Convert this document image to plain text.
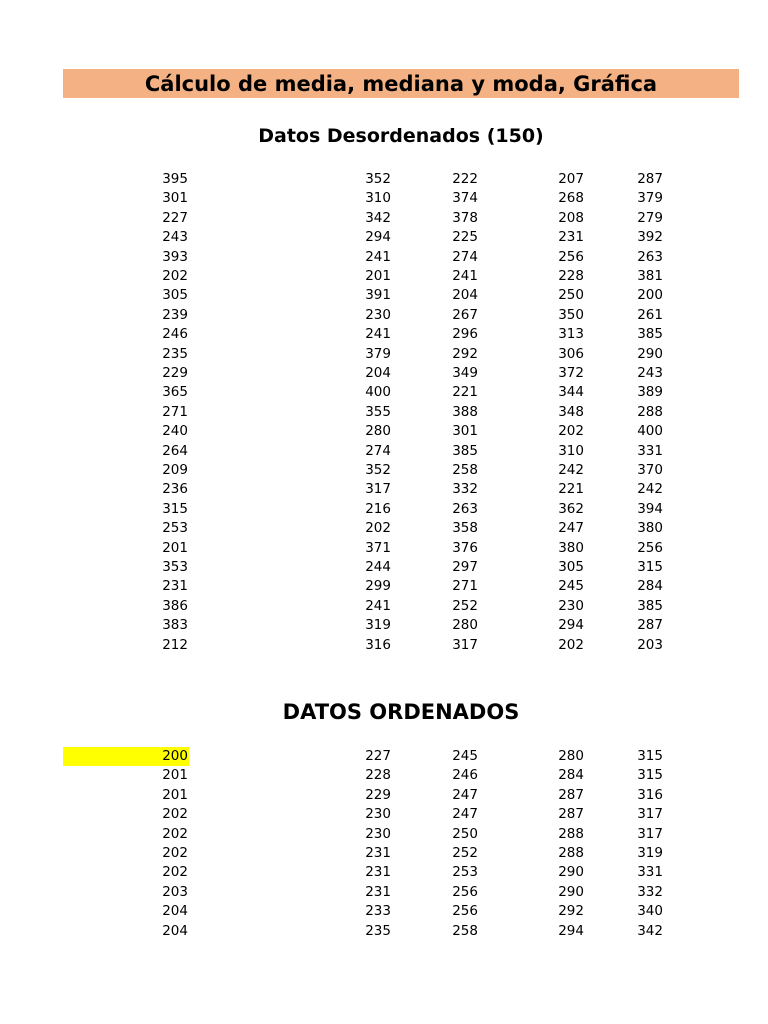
Cálculo de media, mediana y moda, Gráfica
Datos Desordenados (150)
395	352	222	207	287
301	310	374	268	379
227	342	378	208	279
243	294	225	231	392
393	241	274	256	263
202	201	241	228	381
305	391	204	250	200
239	230	267	350	261
246	241	296	313	385
235	379	292	306	290
229	204	349	372	243
365	400	221	344	389
271	355	388	348	288
240	280	301	202	400
264	274	385	310	331
209	352	258	242	370
236	317	332	221	242
315	216	263	362	394
253	202	358	247	380
201	371	376	380	256
353	244	297	305	315
231	299	271	245	284
386	241	252	230	385
383	319	280	294	287
212	316	317	202	203
DATOS ORDENADOS
200	227	245	280	315
201	228	246	284	315
201	229	247	287	316
202	230	247	287	317
202	230	250	288	317
202	231	252	288	319
202	231	253	290	331
203	231	256	290	332
204	233	256	292	340
204	235	258	294	342
